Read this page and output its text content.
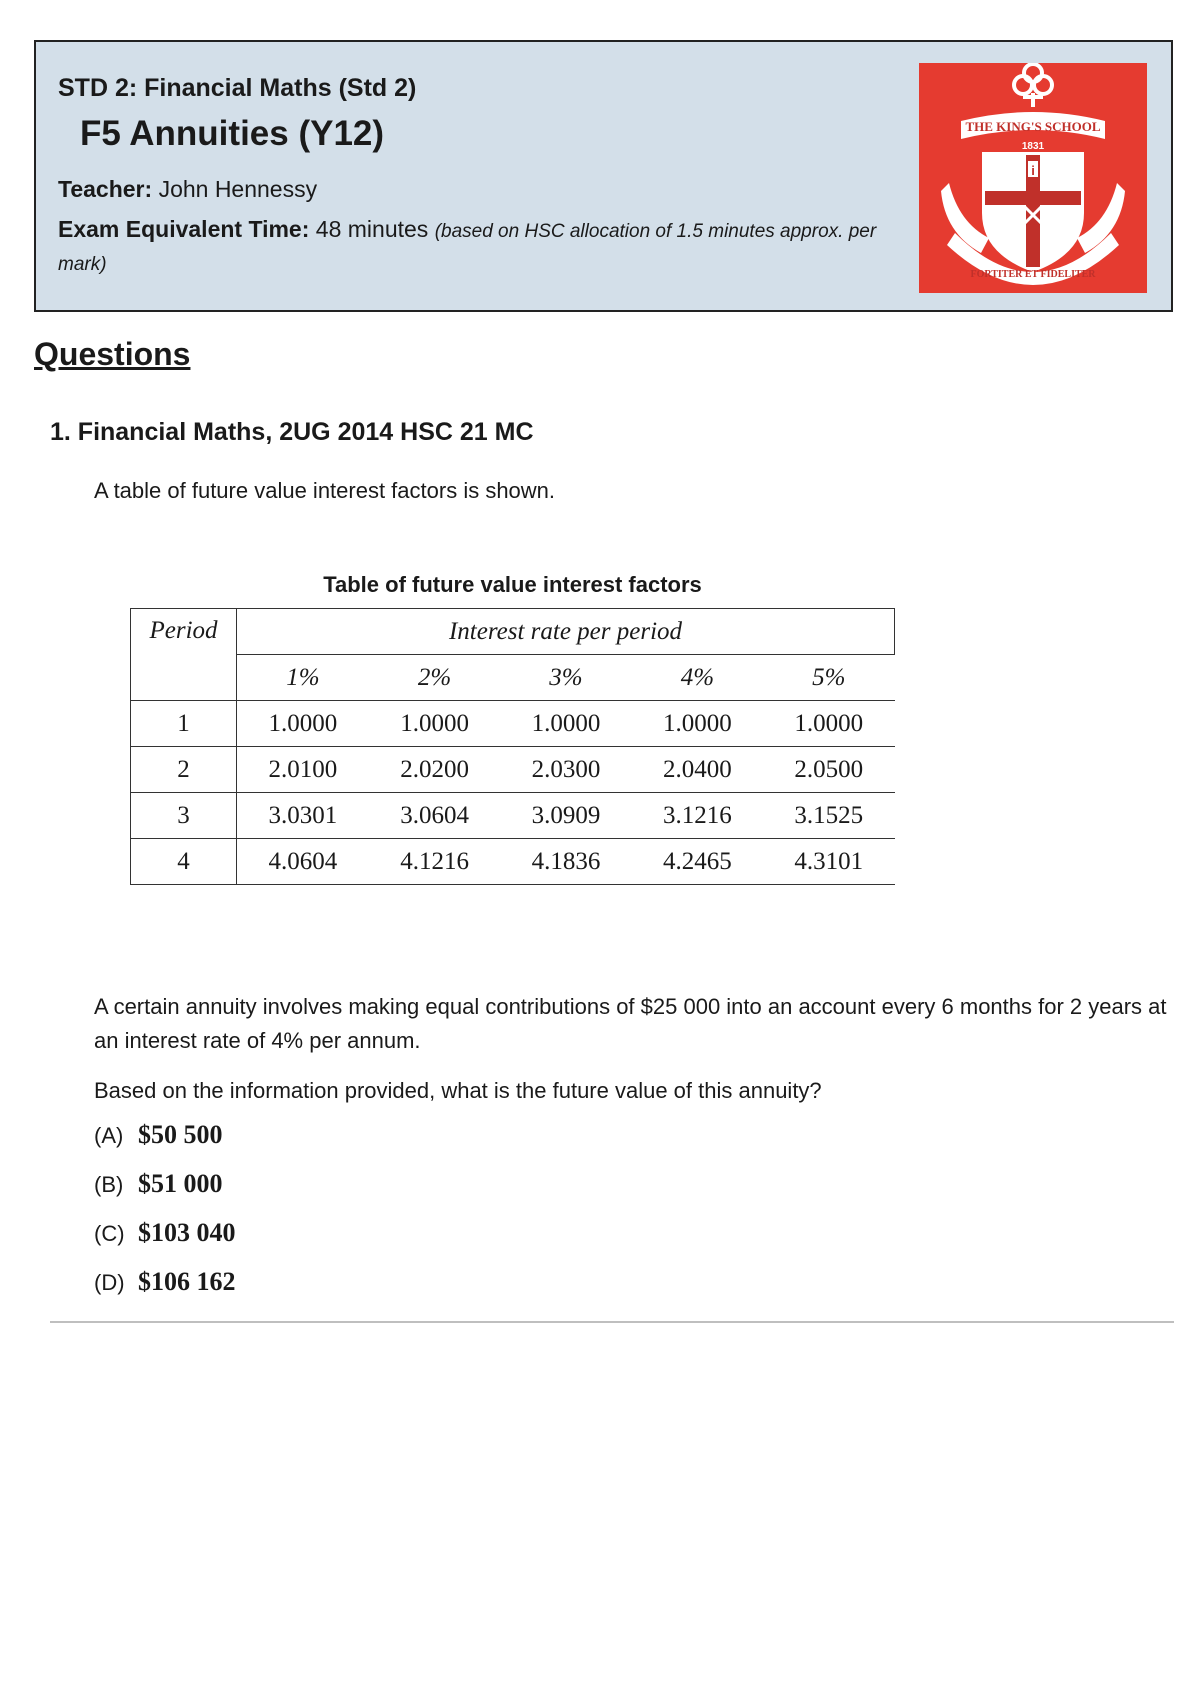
STD 2: Financial Maths (Std 2)
F5 Annuities (Y12)
Teacher: John Hennessy
Exam Equivalent Time: 48 minutes (based on HSC allocation of 1.5 minutes approx. per mark)
THE KING'S SCHOOL
1831
i
FORTITER ET FIDELITER
Questions
1. Financial Maths, 2UG 2014 HSC 21 MC
A table of future value interest factors is shown.
Table of future value interest factors
Period	Interest rate per period				
	1%	2%	3%	4%	5%
1	1.0000	1.0000	1.0000	1.0000	1.0000
2	2.0100	2.0200	2.0300	2.0400	2.0500
3	3.0301	3.0604	3.0909	3.1216	3.1525
4	4.0604	4.1216	4.1836	4.2465	4.3101
A certain annuity involves making equal contributions of $25 000 into an account every 6 months for 2 years at an interest rate of 4% per annum.
Based on the information provided, what is the future value of this annuity?
(A) $50 500
(B) $51 000
(C) $103 040
(D) $106 162
